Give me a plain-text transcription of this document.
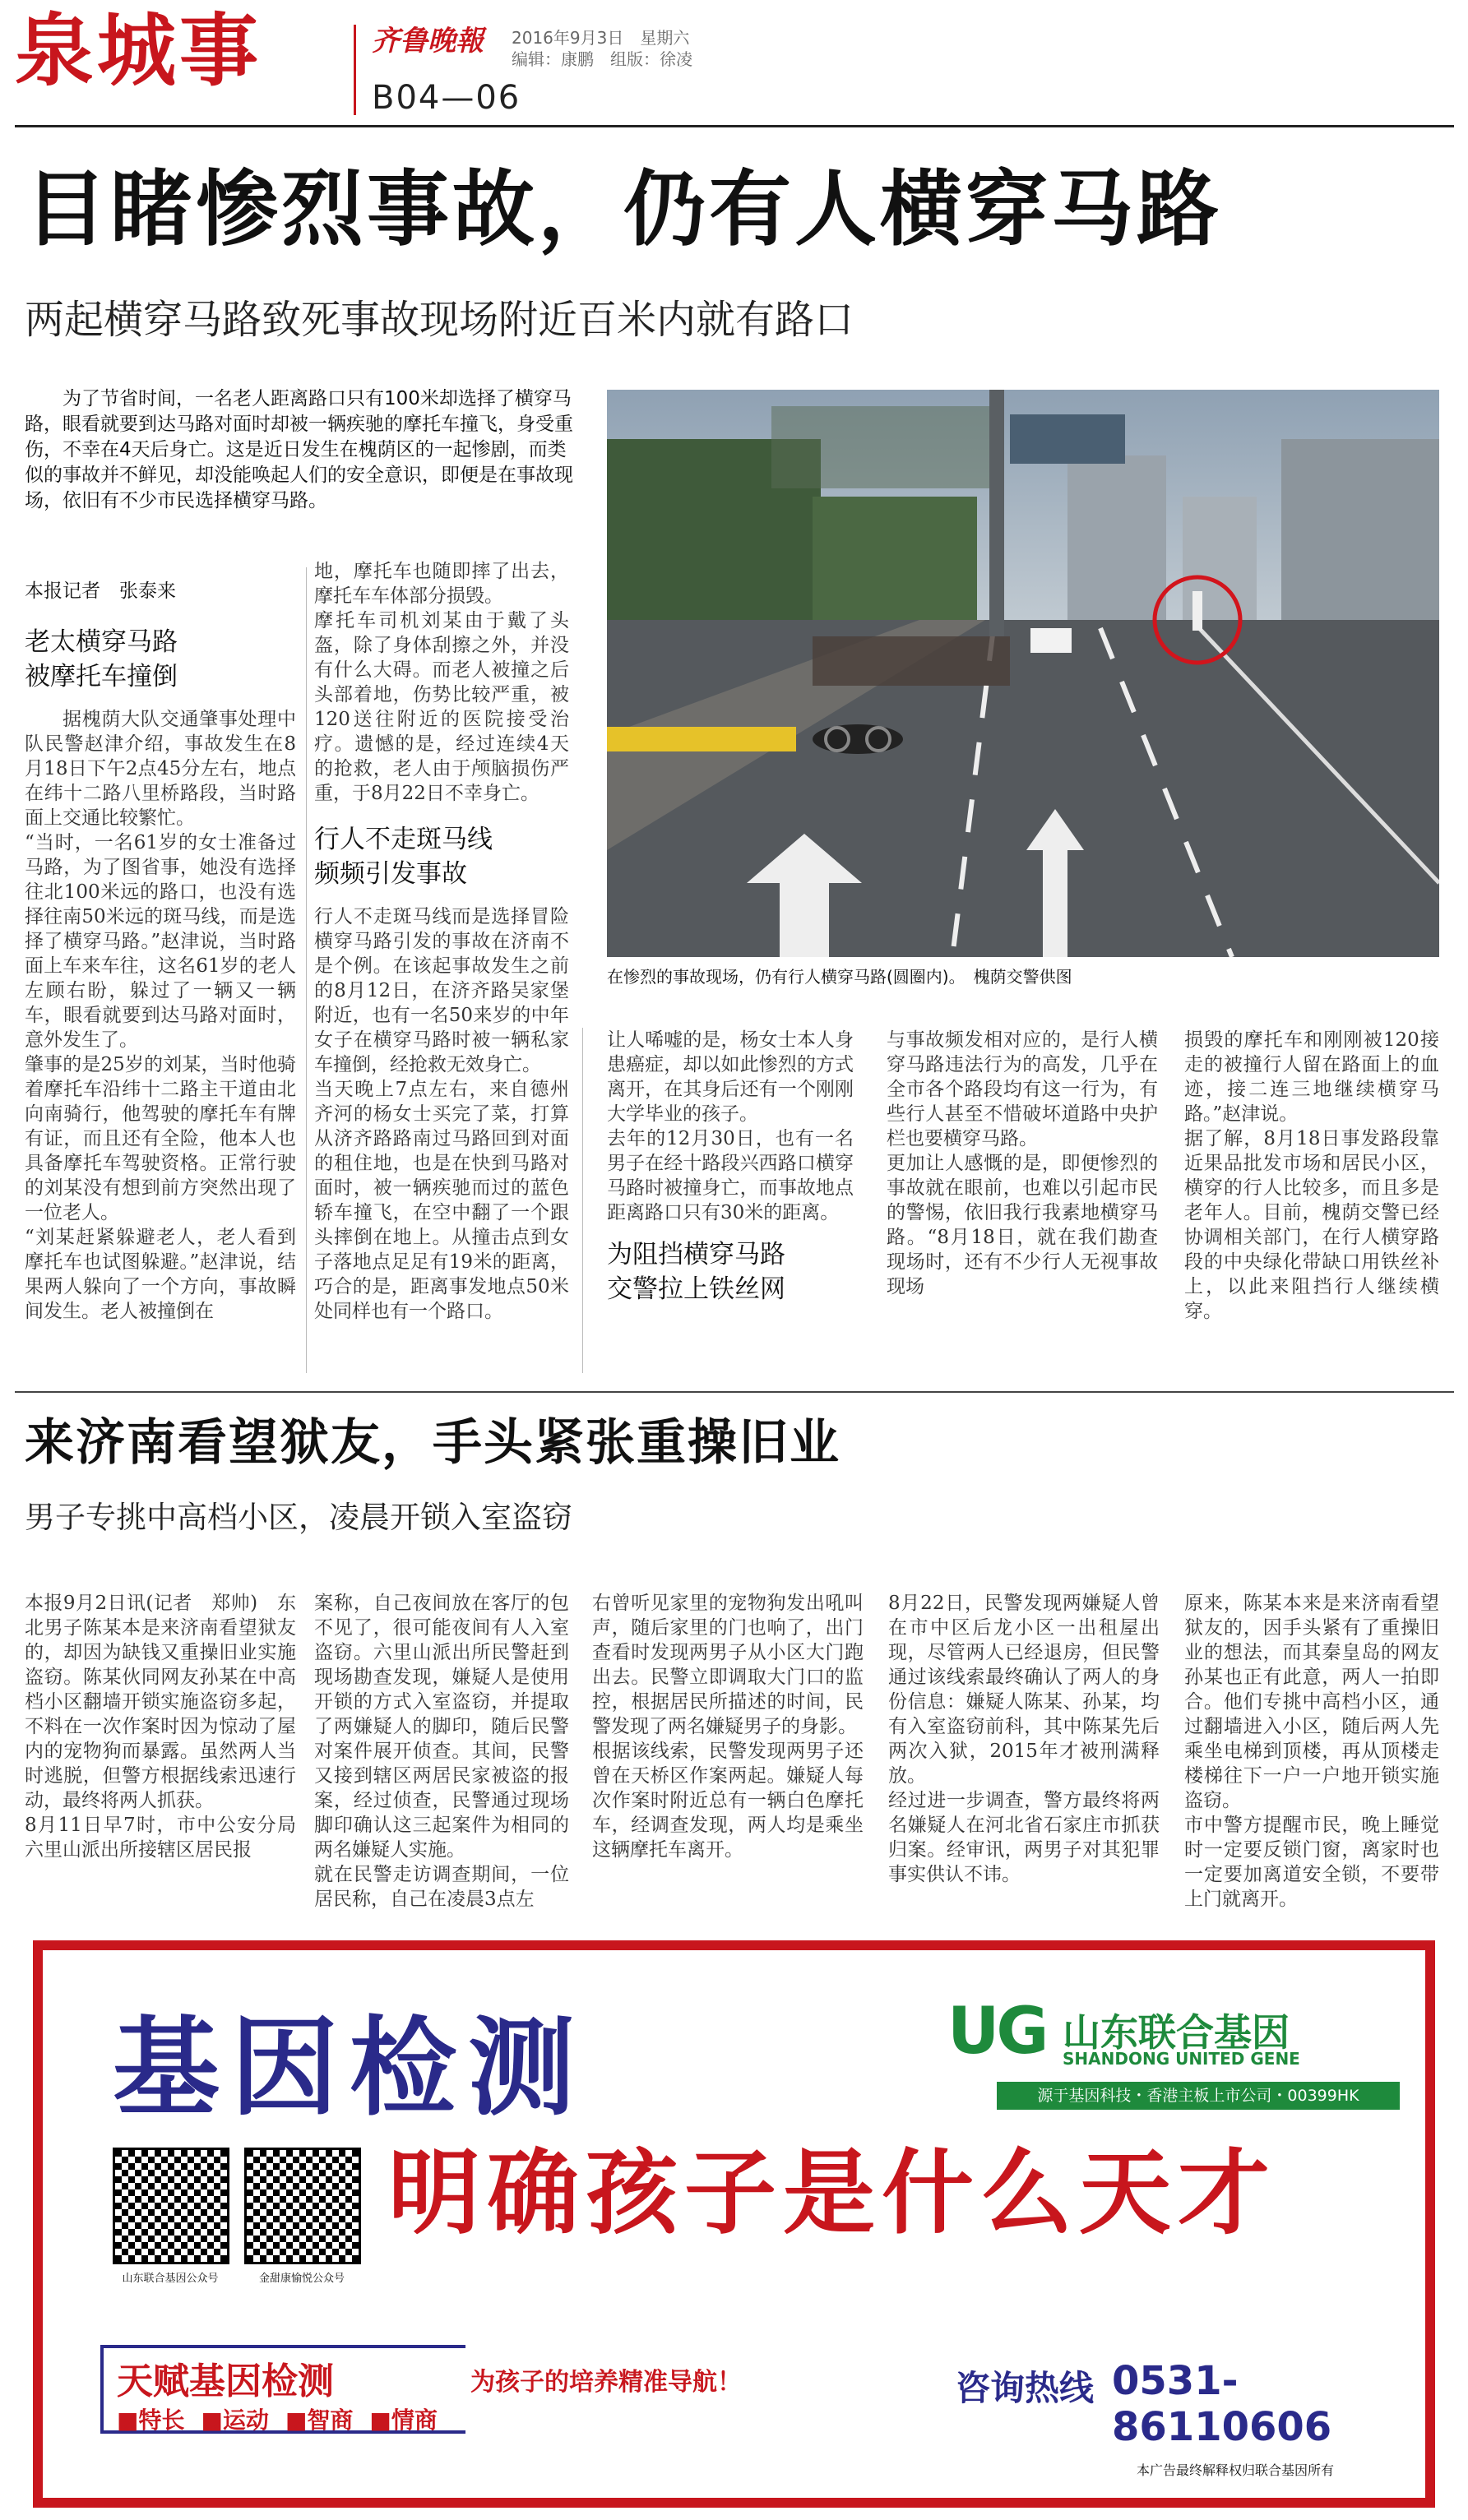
泉城事	齐鲁晚報 2016年9月3日　星期六
编辑：康鹏　组版：徐凌
B04—06
目睹惨烈事故，仍有人横穿马路
两起横穿马路致死事故现场附近百米内就有路口
为了节省时间，一名老人距离路口只有100米却选择了横穿马路，眼看就要到达马路对面时却被一辆疾驰的摩托车撞飞，身受重伤，不幸在4天后身亡。这是近日发生在槐荫区的一起惨剧，而类似的事故并不鲜见，却没能唤起人们的安全意识，即便是在事故现场，依旧有不少市民选择横穿马路。
在惨烈的事故现场，仍有行人横穿马路(圆圈内)。　槐荫交警供图
本报记者　张泰来
老太横穿马路
被摩托车撞倒
据槐荫大队交通肇事处理中队民警赵津介绍，事故发生在8月18日下午2点45分左右，地点在纬十二路八里桥路段，当时路面上交通比较繁忙。
“当时，一名61岁的女士准备过马路，为了图省事，她没有选择往北100米远的路口，也没有选择往南50米远的斑马线，而是选择了横穿马路。”赵津说，当时路面上车来车往，这名61岁的老人左顾右盼，躲过了一辆又一辆车，眼看就要到达马路对面时，意外发生了。
肇事的是25岁的刘某，当时他骑着摩托车沿纬十二路主干道由北向南骑行，他驾驶的摩托车有牌有证，而且还有全险，他本人也具备摩托车驾驶资格。正常行驶的刘某没有想到前方突然出现了一位老人。
“刘某赶紧躲避老人，老人看到摩托车也试图躲避。”赵津说，结果两人躲向了一个方向，事故瞬间发生。老人被撞倒在
地，摩托车也随即摔了出去，摩托车车体部分损毁。
摩托车司机刘某由于戴了头盔，除了身体刮擦之外，并没有什么大碍。而老人被撞之后头部着地，伤势比较严重，被120送往附近的医院接受治疗。遗憾的是，经过连续4天的抢救，老人由于颅脑损伤严重，于8月22日不幸身亡。
行人不走斑马线
频频引发事故
行人不走斑马线而是选择冒险横穿马路引发的事故在济南不是个例。在该起事故发生之前的8月12日，在济齐路吴家堡附近，也有一名50来岁的中年女子在横穿马路时被一辆私家车撞倒，经抢救无效身亡。
当天晚上7点左右，来自德州齐河的杨女士买完了菜，打算从济齐路路南过马路回到对面的租住地，也是在快到马路对面时，被一辆疾驰而过的蓝色轿车撞飞，在空中翻了一个跟头摔倒在地上。从撞击点到女子落地点足足有19米的距离，巧合的是，距离事发地点50米处同样也有一个路口。
让人唏嘘的是，杨女士本人身患癌症，却以如此惨烈的方式离开，在其身后还有一个刚刚大学毕业的孩子。
去年的12月30日，也有一名男子在经十路段兴西路口横穿马路时被撞身亡，而事故地点距离路口只有30米的距离。
为阻挡横穿马路
交警拉上铁丝网
与事故频发相对应的，是行人横穿马路违法行为的高发，几乎在全市各个路段均有这一行为，有些行人甚至不惜破坏道路中央护栏也要横穿马路。
更加让人感慨的是，即便惨烈的事故就在眼前，也难以引起市民的警惕，依旧我行我素地横穿马路。“8月18日，就在我们勘查现场时，还有不少行人无视事故现场
损毁的摩托车和刚刚被120接走的被撞行人留在路面上的血迹，接二连三地继续横穿马路。”赵津说。
据了解，8月18日事发路段靠近果品批发市场和居民小区，横穿的行人比较多，而且多是老年人。目前，槐荫交警已经协调相关部门，在行人横穿路段的中央绿化带缺口用铁丝补上，以此来阻挡行人继续横穿。
来济南看望狱友，手头紧张重操旧业
男子专挑中高档小区，凌晨开锁入室盗窃
本报9月2日讯(记者　郑帅)　东北男子陈某本是来济南看望狱友的，却因为缺钱又重操旧业实施盗窃。陈某伙同网友孙某在中高档小区翻墙开锁实施盗窃多起，不料在一次作案时因为惊动了屋内的宠物狗而暴露。虽然两人当时逃脱，但警方根据线索迅速行动，最终将两人抓获。
8月11日早7时，市中公安分局六里山派出所接辖区居民报
案称，自己夜间放在客厅的包不见了，很可能夜间有人入室盗窃。六里山派出所民警赶到现场勘查发现，嫌疑人是使用开锁的方式入室盗窃，并提取了两嫌疑人的脚印，随后民警对案件展开侦查。其间，民警又接到辖区两居民家被盗的报案，经过侦查，民警通过现场脚印确认这三起案件为相同的两名嫌疑人实施。
就在民警走访调查期间，一位居民称，自己在凌晨3点左
右曾听见家里的宠物狗发出吼叫声，随后家里的门也响了，出门查看时发现两男子从小区大门跑出去。民警立即调取大门口的监控，根据居民所描述的时间，民警发现了两名嫌疑男子的身影。
根据该线索，民警发现两男子还曾在天桥区作案两起。嫌疑人每次作案时附近总有一辆白色摩托车，经调查发现，两人均是乘坐这辆摩托车离开。
8月22日，民警发现两嫌疑人曾在市中区后龙小区一出租屋出现，尽管两人已经退房，但民警通过该线索最终确认了两人的身份信息：嫌疑人陈某、孙某，均有入室盗窃前科，其中陈某先后两次入狱，2015年才被刑满释放。
经过进一步调查，警方最终将两名嫌疑人在河北省石家庄市抓获归案。经审讯，两男子对其犯罪事实供认不讳。
原来，陈某本来是来济南看望狱友的，因手头紧有了重操旧业的想法，而其秦皇岛的网友孙某也正有此意，两人一拍即合。他们专挑中高档小区，通过翻墙进入小区，随后两人先乘坐电梯到顶楼，再从顶楼走楼梯往下一户一户地开锁实施盗窃。
市中警方提醒市民，晚上睡觉时一定要反锁门窗，离家时也一定要加离道安全锁，不要带上门就离开。
基因检测	UG 山东联合基因
SHANDONG UNITED GENE
源于基因科技・香港主板上市公司・00399HK
山东联合基因公众号	金甜康愉悦公众号
明确孩子是什么天才
天赋基因检测	为孩子的培养精准导航！
■特长 ■运动 ■智商 ■情商
咨询热线 0531-86110606
本广告最终解释权归联合基因所有
